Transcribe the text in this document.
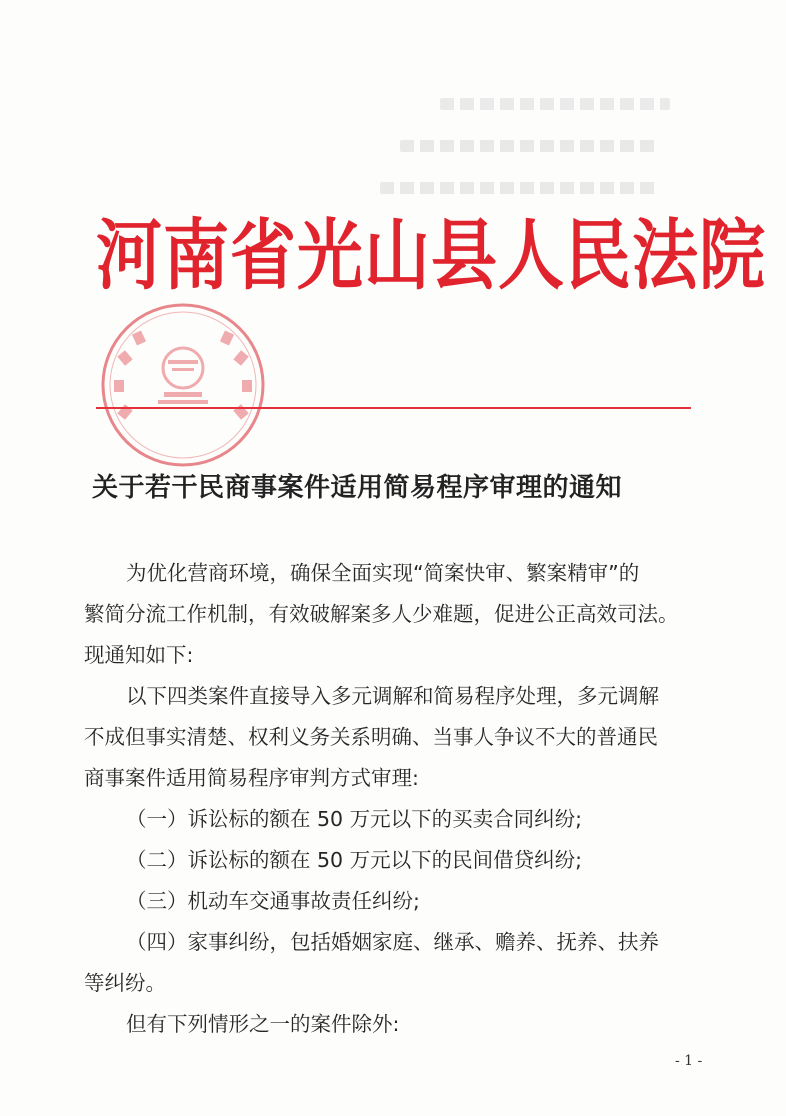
河南省光山县人民法院
关于若干民商事案件适用简易程序审理的通知

为优化营商环境，确保全面实现“简案快审、繁案精审”的

繁简分流工作机制，有效破解案多人少难题，促进公正高效司法。

现通知如下:

以下四类案件直接导入多元调解和简易程序处理，多元调解

不成但事实清楚、权利义务关系明确、当事人争议不大的普通民

商事案件适用简易程序审判方式审理:

（一）诉讼标的额在 50 万元以下的买卖合同纠纷;

（二）诉讼标的额在 50 万元以下的民间借贷纠纷;

（三）机动车交通事故责任纠纷;

（四）家事纠纷，包括婚姻家庭、继承、赡养、抚养、扶养

等纠纷。

但有下列情形之一的案件除外:

- 1 -
